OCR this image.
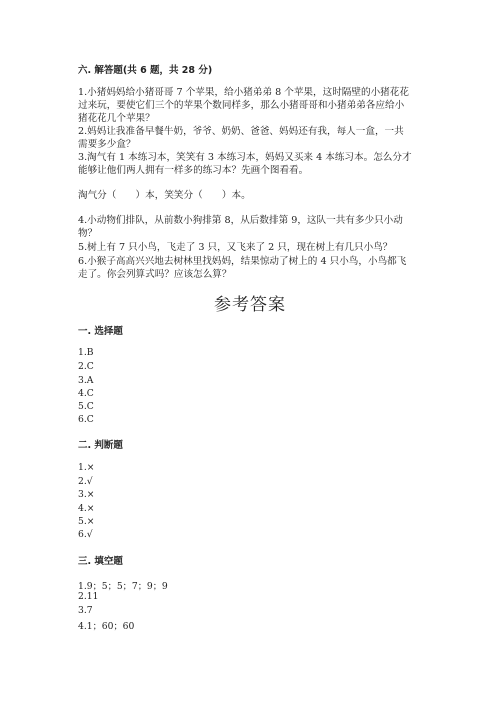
六. 解答题(共 6 题，共 28 分)
1.小猪妈妈给小猪哥哥 7 个苹果，给小猪弟弟 8 个苹果，这时隔壁的小猪花花
过来玩，要使它们三个的苹果个数同样多，那么小猪哥哥和小猪弟弟各应给小
猪花花几个苹果？
2.妈妈让我准备早餐牛奶，爷爷、奶奶、爸爸、妈妈还有我，每人一盒，一共
需要多少盒？
3.淘气有 1 本练习本，笑笑有 3 本练习本，妈妈又买来 4 本练习本。怎么分才
能够让他们两人拥有一样多的练习本？先画个图看看。
淘气分（　　）本，笑笑分（　　）本。
4.小动物们排队，从前数小狗排第 8，从后数排第 9，这队一共有多少只小动
物？
5.树上有 7 只小鸟，飞走了 3 只，又飞来了 2 只，现在树上有几只小鸟？
6.小猴子高高兴兴地去树林里找妈妈，结果惊动了树上的 4 只小鸟，小鸟都飞
走了。你会列算式吗？应该怎么算？
参考答案
一. 选择题
1.B
2.C
3.A
4.C
5.C
6.C
二. 判断题
1.×
2.√
3.×
4.×
5.×
6.√
三. 填空题
1.9；5；5；7；9；9
2.11
3.7
4.1；60；60
